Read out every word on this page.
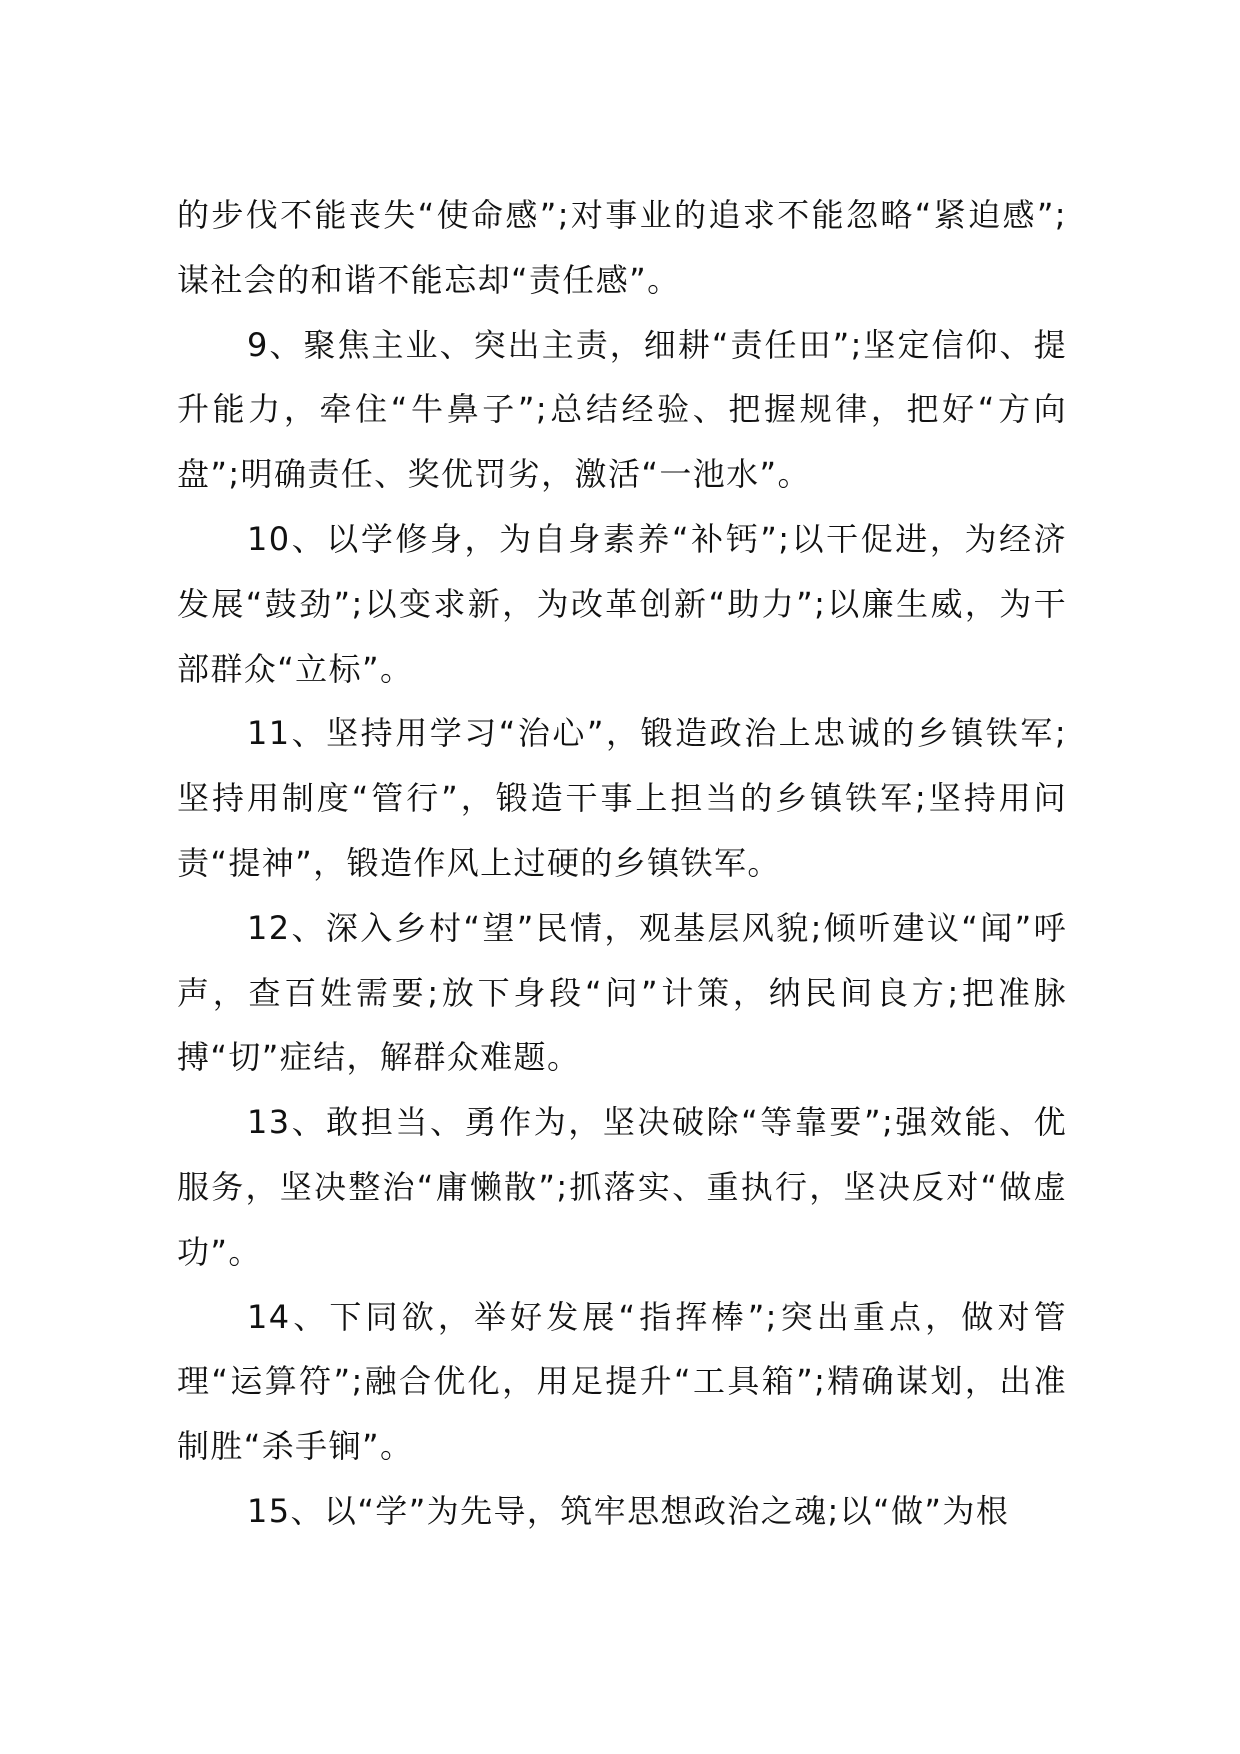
的步伐不能丧失“使命感”;对事业的追求不能忽略“紧迫感”;谋社会的和谐不能忘却“责任感”。

9、聚焦主业、突出主责，细耕“责任田”;坚定信仰、提升能力，牵住“牛鼻子”;总结经验、把握规律，把好“方向盘”;明确责任、奖优罚劣，激活“一池水”。

10、以学修身，为自身素养“补钙”;以干促进，为经济发展“鼓劲”;以变求新，为改革创新“助力”;以廉生威，为干部群众“立标”。

11、坚持用学习“治心”，锻造政治上忠诚的乡镇铁军;坚持用制度“管行”，锻造干事上担当的乡镇铁军;坚持用问责“提神”，锻造作风上过硬的乡镇铁军。

12、深入乡村“望”民情，观基层风貌;倾听建议“闻”呼声，查百姓需要;放下身段“问”计策，纳民间良方;把准脉搏“切”症结，解群众难题。

13、敢担当、勇作为，坚决破除“等靠要”;强效能、优服务，坚决整治“庸懒散”;抓落实、重执行，坚决反对“做虚功”。

14、下同欲，举好发展“指挥棒”;突出重点，做对管理“运算符”;融合优化，用足提升“工具箱”;精确谋划，出准制胜“杀手锏”。

15、以“学”为先导，筑牢思想政治之魂;以“做”为根
